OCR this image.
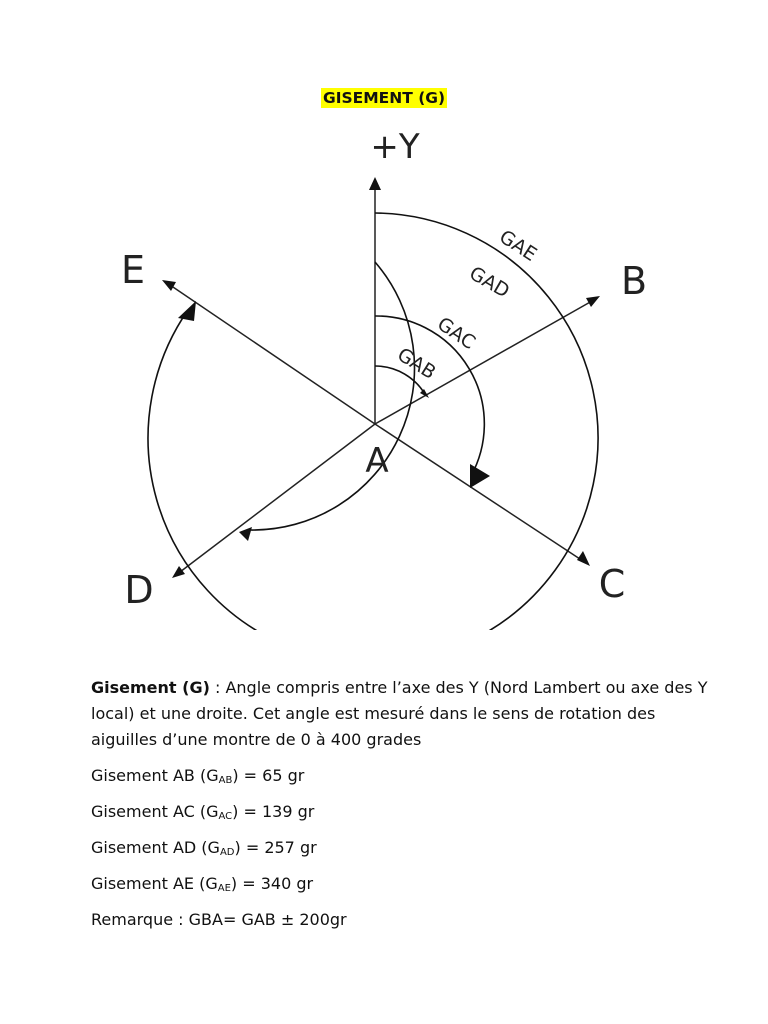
GISEMENT (G)
+Y
GAB
GAC
GAD
GAE
A
B
C
D
E

Gisement (G) : Angle compris entre l’axe des Y (Nord Lambert ou axe des Y local) et une droite. Cet angle est mesuré dans le sens de rotation des aiguilles d’une montre de 0 à 400 grades

Gisement AB $(G_{AB}) = 65$ gr

Gisement AC $(G_{AC}) = 139$ gr

Gisement AD $(G_{AD}) = 257$ gr

Gisement AE $(G_{AE}) = 340$ gr

Remarque : GBA= GAB ± 200gr
